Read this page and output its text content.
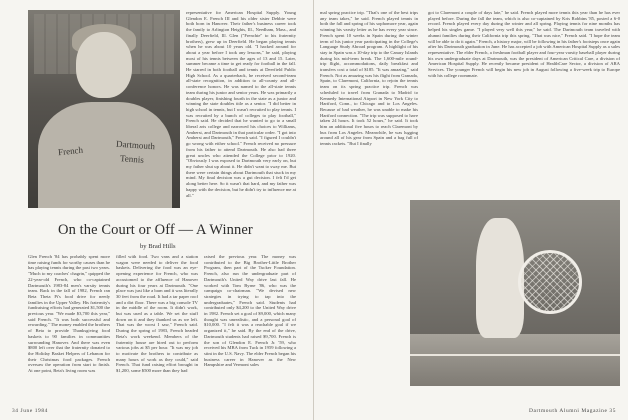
French	Dartmouth
Tennis
representative for American Hospital Supply. Young Glendon E. French III and his older sister Debbie were both born in Hanover. Their father's business career took the family to Arlington Heights, Ill., Needham, Mass., and finally Deerfield, Ill. Glen ("Frenchie" to his fraternity brothers), grew up in Deerfield. He began playing tennis when he was about 10 years old. "I hacked around for about a year before I took any lessons," he said, playing most of his tennis between the ages of 13 and 15. Later, summer became a time to get ready for football in the fall. He starred in both football and tennis at Deerfield Public High School. As a quarterback, he received second-team all-state recognition, in addition to all-county and all-conference honors. He was named to the all-state tennis team during his junior and senior years. He was primarily a doubles player, finishing fourth in the state as a junior and winning the state doubles title as a senior. "I did better in high school in tennis, but I wasn't recruited to play tennis. I was recruited by a bunch of colleges to play football," French said. He decided that he wanted to go to a small liberal arts college and narrowed his choices to Williams, Amherst, and Dartmouth in that particular order. "I got into Amherst and Dartmouth," French said. "I figured I couldn't go wrong with either school." French received no pressure from his father to attend Dartmouth. He also had three great uncles who attended the College prior to 1920. "Obviously I was exposed to Dartmouth very early on, but my father shut up about it. He didn't want to sway me. But there were certain things about Dartmouth that stuck in my mind. My final decision was a gut decision. I felt I'd get along better here. So it wasn't that hard, and my father was happy with the decision, but he didn't try to influence me at all."
On the Court or Off — A Winner
by Brad Hills
Glen French '84 has probably spent more time raising funds for worthy causes than he has playing tennis during the past two years. "Much to my coaches' chagrin," quipped the 22-year-old French, who co-captained Dartmouth's 1983-84 men's varsity tennis team. Back in the fall of 1982, French ran Beta Theta Pi's food drive for needy families in the Upper Valley. His fraternity's fundraising efforts had generated $1,500 the previous year. "We made $3,700 this year," said French. "It was both successful and rewarding." The money enabled the brothers of Beta to provide Thanksgiving food baskets to 90 families in communities surrounding Hanover. And there was even $800 left over that the fraternity donated to the Holiday Basket Helpers of Lebanon for their Christmas food packages. French oversaw the operation from start to finish. At one point, Beta's living room was
filled with food. Two vans and a station wagon were needed to deliver the food baskets. Delivering the food was an eye-opening experience for French, who was accustomed to the affluence of Hanover during his four years at Dartmouth. "One place was just like a barn and it was literally 30 feet from the road. It had a tar paper roof and a dirt floor. There was a big console TV in the middle of the room. It didn't work, but was used as a table. We set the stuff down on it and they thanked us as we left. That was the worst I saw," French said. During the spring of 1983, French headed Beta's work weekend. Members of the fraternity house are hired out to perform various jobs at $5 per hour. "It was my job to motivate the brothers to contribute as many hours of work as they could," said French. That fund raising effort brought in $1,200, some $500 more than they had
raised the previous year. The money was contributed to the Big Brother-Little Brother Program, then part of the Tucker Foundation. French, also run the undergraduate part of Dartmouth's United Way drive last fall. He worked with Tom Byrne '86, who was the campaign co-chairman. "We devised new strategies in trying to tap into the undergraduates," French said. Students had contributed only $4,200 to the United Way drive in 1982. French set a goal of $9,000, which many thought was unrealistic, and a personal goal of $10,000. "I felt it was a reachable goal if we organized it," he said. By the end of the drive, Dartmouth students had raised $9,700. French is the son of Glendon E. French Jr. '59, who received his MBA from Tuck in 1959 following a stint in the U.S. Navy. The elder French began his business career in Hanover as the New Hampshire and Vermont sales
34 June 1984
mal spring practice trip. "That's one of the best trips any team takes," he said. French played tennis in both the fall and spring of his sophomore year, again winning his varsity letter as he has every year since. French spent 10 weeks in Spain during the winter term of his junior year participating in the College's Language Study Abroad program. A highlight of his stay in Spain was a 10-day trip to the Canary Islands during his mid-term break. The 1,600-mile round-trip flight, accommodations, daily breakfast and transfers cost a total of $185. "It was amazing," said French. Not as amazing was his flight from Granada, Spain, to Claremont, California, to rejoin the tennis team on its spring practice trip. French was scheduled to travel from Granada to Madrid to Kennedy International Airport in New York City to Hartford, Conn., to Chicago and to Los Angeles. Because of bad weather, he was unable to make his Hartford connection. "The trip was supposed to have taken 24 hours. It took 52 hours," he said. It took him an additional five hours to reach Claremont by bus from Los Angeles. Meanwhile, he was lugging around all of his gear from Spain and a bag full of tennis rackets. "But I finally
got to Claremont a couple of days late," he said. French played more tennis this year than he has ever played before. During the fall the team, which is also co-captained by Kris Robbins '85, posted a 6-0 record. French played every day during the winter and all spring. Playing tennis for nine months has helped his singles game. "I played very well this year," he said. The Dartmouth team traveled with alumni families during their California trip this spring. "That was nice," French said. "I hope the team will be able to do it again." French, a history major, will be following in his father's footsteps once again after his Dartmouth graduation in June. He has accepted a job with American Hospital Supply as a sales representative. The elder French, a freshman football player and four-year varsity baseball player during his own undergraduate days at Dartmouth, was the president of American Critical Care, a division of American Hospital Supply. He recently became president of HealthCare Sector, a division of ARA Services. The younger French will begin his new job in August following a five-week trip to Europe with his college roommate.
Dartmouth Alumni Magazine 35
